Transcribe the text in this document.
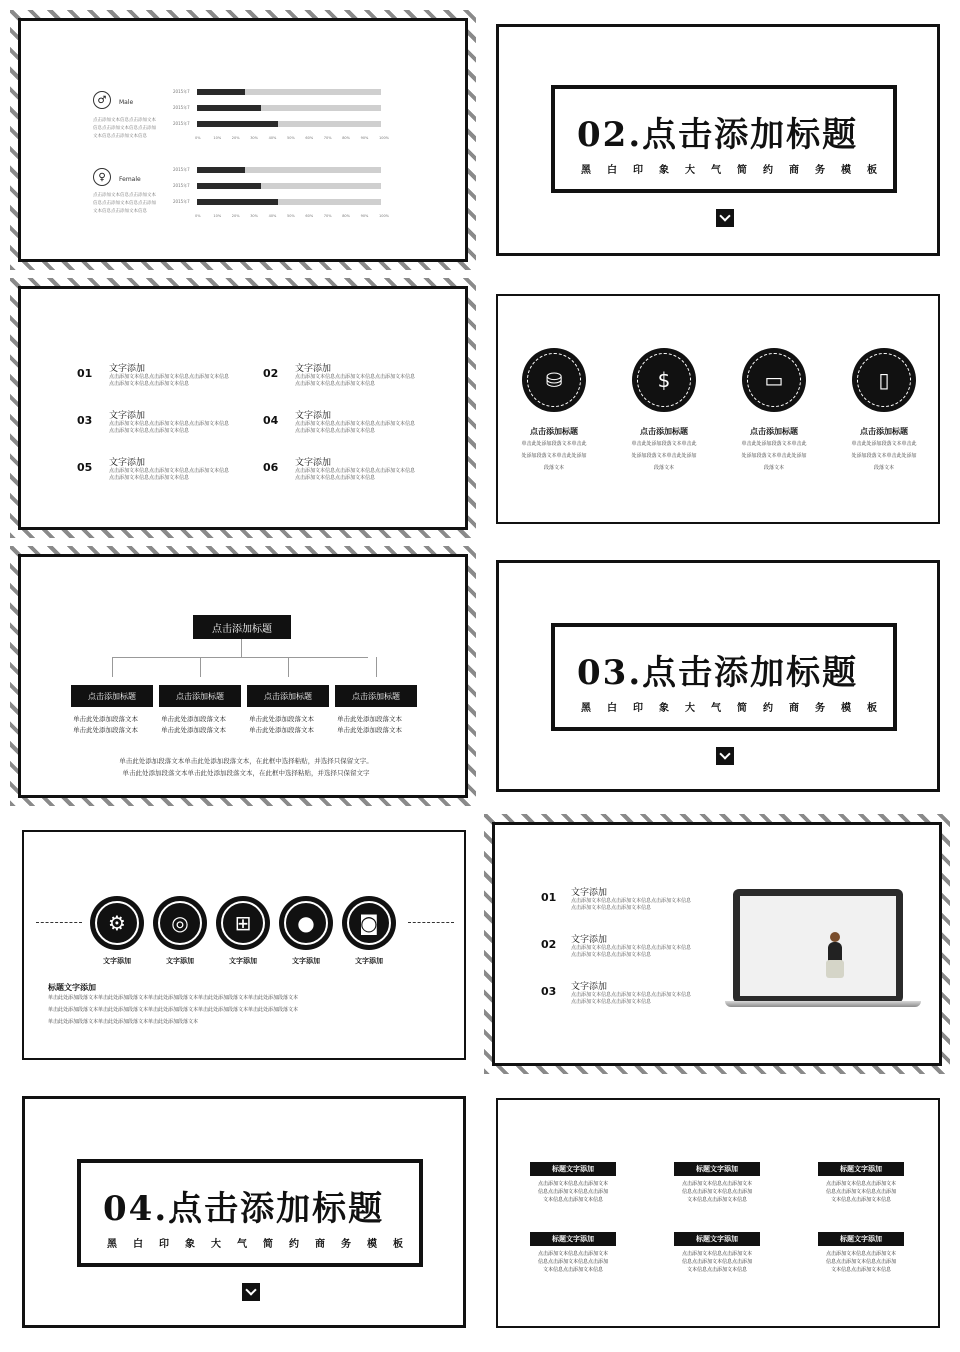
♂	Male
点击添加文本信息点击添加文本
信息点击添加文本信息点击添加
文本信息点击添加文本信息
♀	Female
点击添加文本信息点击添加文本
信息点击添加文本信息点击添加
文本信息点击添加文本信息
2015年7
2015年7
2015年7
0%	10%	20%	30%	40%	50%	60%	70%	80%	90%	100%
2015年7
2015年7
2015年7
0%	10%	20%	30%	40%	50%	60%	70%	80%	90%	100%
02.点击添加标题
黑白印象大气简约商务模板
01 文字添加
点击添加文本信息点击添加文本信息点击添加文本信息
点击添加文本信息点击添加文本信息
02 文字添加
点击添加文本信息点击添加文本信息点击添加文本信息
点击添加文本信息点击添加文本信息
03 文字添加
点击添加文本信息点击添加文本信息点击添加文本信息
点击添加文本信息点击添加文本信息
04 文字添加
点击添加文本信息点击添加文本信息点击添加文本信息
点击添加文本信息点击添加文本信息
05 文字添加
点击添加文本信息点击添加文本信息点击添加文本信息
点击添加文本信息点击添加文本信息
06 文字添加
点击添加文本信息点击添加文本信息点击添加文本信息
点击添加文本信息点击添加文本信息
⛁
点击添加标题
单击此处添加段落文本单击此
处添加段落文本单击此处添加
段落文本
$
点击添加标题
单击此处添加段落文本单击此
处添加段落文本单击此处添加
段落文本
▭
点击添加标题
单击此处添加段落文本单击此
处添加段落文本单击此处添加
段落文本
▯
点击添加标题
单击此处添加段落文本单击此
处添加段落文本单击此处添加
段落文本
点击添加标题
点击添加标题
单击此处添加段落文本
单击此处添加段落文本
点击添加标题
单击此处添加段落文本
单击此处添加段落文本
点击添加标题
单击此处添加段落文本
单击此处添加段落文本
点击添加标题
单击此处添加段落文本
单击此处添加段落文本
单击此处添加段落文本单击此处添加段落文本，在此框中选择粘贴，并选择只保留文字。
单击此处添加段落文本单击此处添加段落文本，在此框中选择粘贴，并选择只保留文字
03.点击添加标题
黑白印象大气简约商务模板
⚙
文字添加
◎
文字添加
⊞
文字添加
●
文字添加
◙
文字添加
标题文字添加
单击此处添加段落文本单击此处添加段落文本单击此处添加段落文本单击此处添加段落文本单击此处添加段落文本
单击此处添加段落文本单击此处添加段落文本单击此处添加段落文本单击此处添加段落文本单击此处添加段落文本
单击此处添加段落文本单击此处添加段落文本单击此处添加段落文本
01 文字添加
点击添加文本信息点击添加文本信息点击添加文本信息
点击添加文本信息点击添加文本信息
02 文字添加
点击添加文本信息点击添加文本信息点击添加文本信息
点击添加文本信息点击添加文本信息
03 文字添加
点击添加文本信息点击添加文本信息点击添加文本信息
点击添加文本信息点击添加文本信息
04.点击添加标题
黑白印象大气简约商务模板
标题文字添加
点击添加文本信息点击添加文本
信息点击添加文本信息点击添加
文本信息点击添加文本信息
标题文字添加
点击添加文本信息点击添加文本
信息点击添加文本信息点击添加
文本信息点击添加文本信息
标题文字添加
点击添加文本信息点击添加文本
信息点击添加文本信息点击添加
文本信息点击添加文本信息
标题文字添加
点击添加文本信息点击添加文本
信息点击添加文本信息点击添加
文本信息点击添加文本信息
标题文字添加
点击添加文本信息点击添加文本
信息点击添加文本信息点击添加
文本信息点击添加文本信息
标题文字添加
点击添加文本信息点击添加文本
信息点击添加文本信息点击添加
文本信息点击添加文本信息
